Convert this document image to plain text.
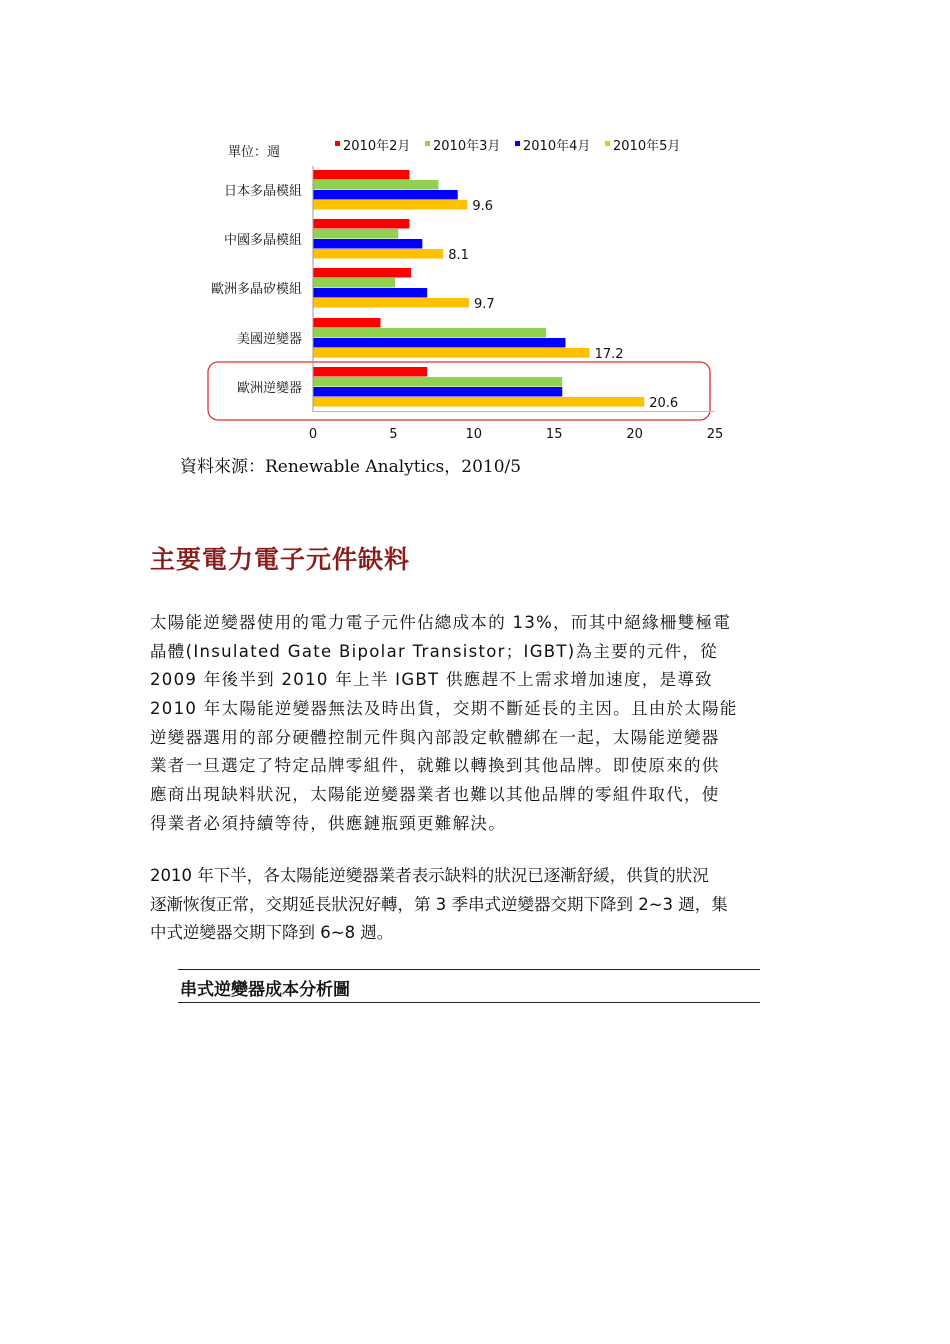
單位：週	2010年2月 2010年3月 2010年4月 2010年5月
日本多晶模組
9.6
中國多晶模組
8.1
歐洲多晶矽模組
9.7
美國逆變器
17.2
歐洲逆變器
20.6
0	5	10	15	20	25
資料來源：Renewable Analytics，2010/5
主要電力電子元件缺料
太陽能逆變器使用的電力電子元件佔總成本的 13%，而其中絕緣柵雙極電
晶體(Insulated Gate Bipolar Transistor；IGBT)為主要的元件，從
2009 年後半到 2010 年上半 IGBT 供應趕不上需求增加速度，是導致
2010 年太陽能逆變器無法及時出貨，交期不斷延長的主因。且由於太陽能
逆變器選用的部分硬體控制元件與內部設定軟體綁在一起，太陽能逆變器
業者一旦選定了特定品牌零組件，就難以轉換到其他品牌。即使原來的供
應商出現缺料狀況，太陽能逆變器業者也難以其他品牌的零組件取代，使
得業者必須持續等待，供應鏈瓶頸更難解決。
2010 年下半，各太陽能逆變器業者表示缺料的狀況已逐漸舒緩，供貨的狀況
逐漸恢復正常，交期延長狀況好轉，第 3 季串式逆變器交期下降到 2~3 週，集
中式逆變器交期下降到 6~8 週。
串式逆變器成本分析圖
